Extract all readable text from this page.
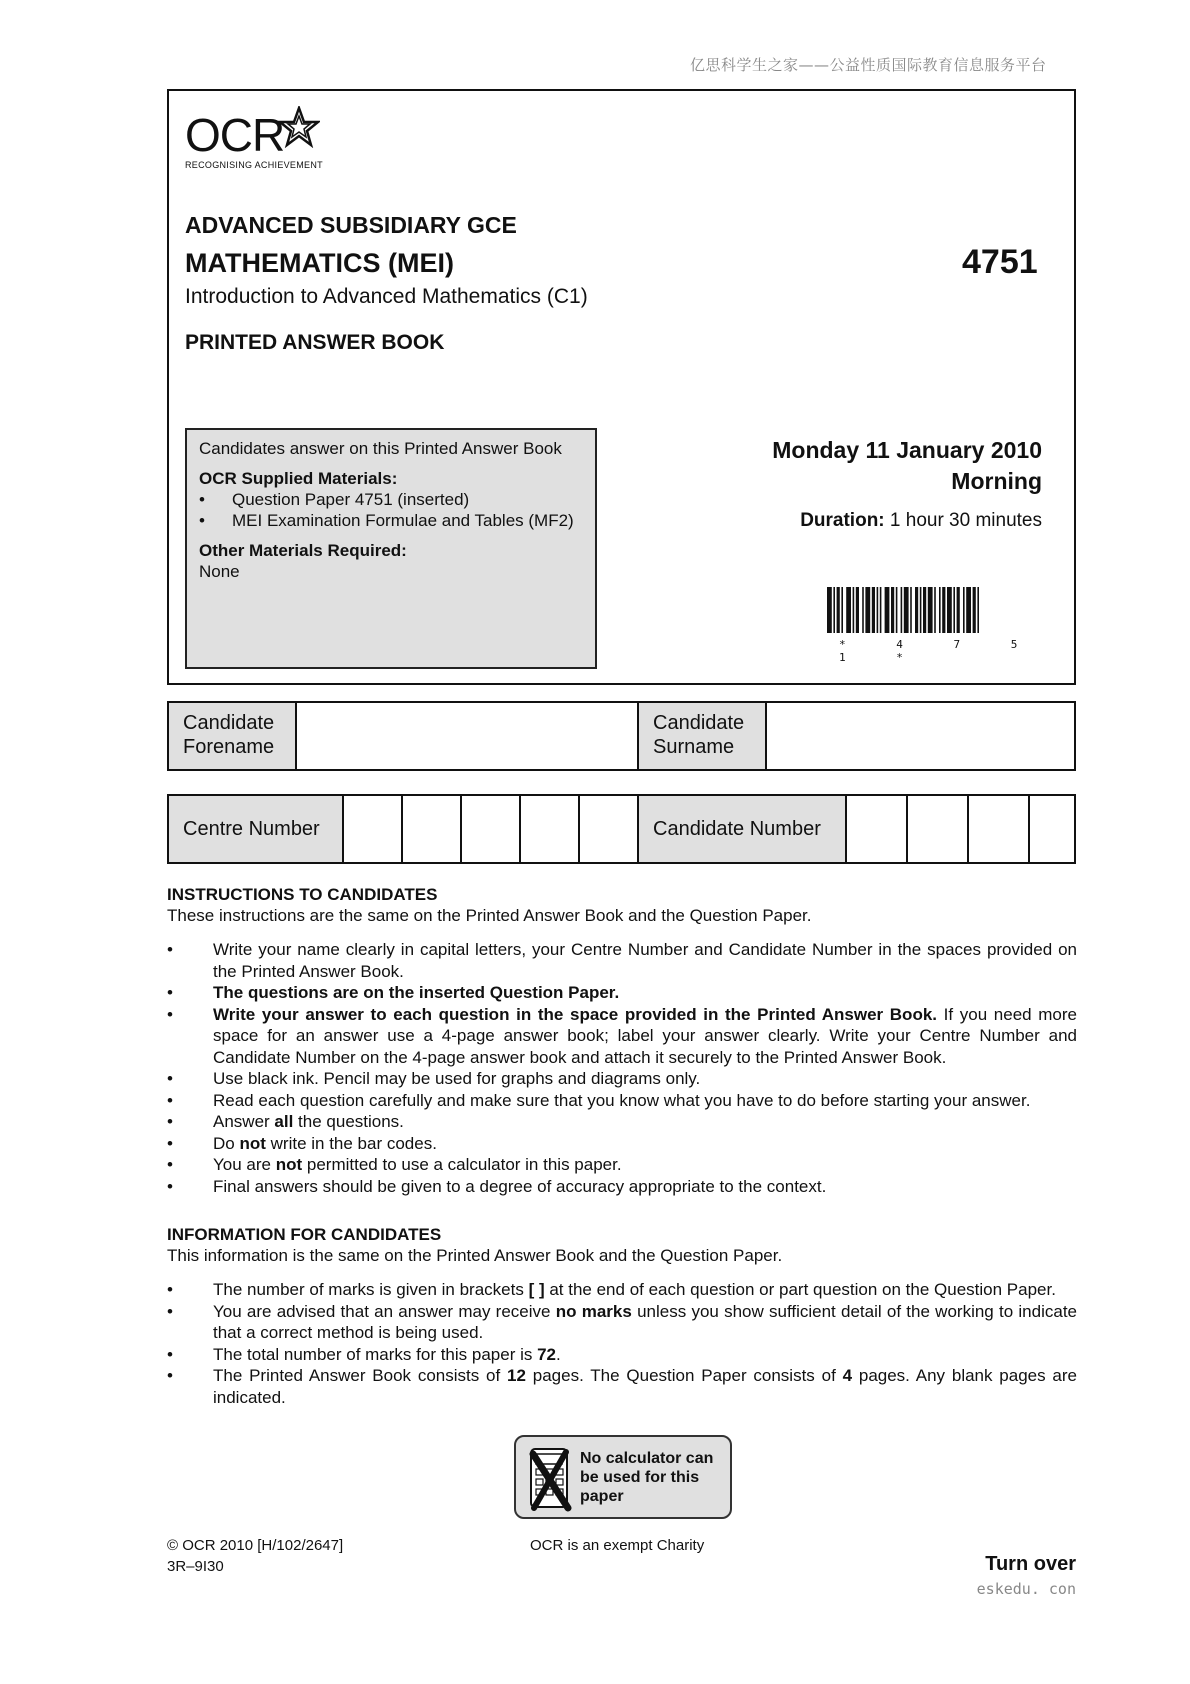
亿思科学生之家——公益性质国际教育信息服务平台
OCR
RECOGNISING ACHIEVEMENT
ADVANCED SUBSIDIARY GCE
MATHEMATICS (MEI)	4751
Introduction to Advanced Mathematics (C1)
PRINTED ANSWER BOOK
Candidates answer on this Printed Answer Book
OCR Supplied Materials:
•	Question Paper 4751 (inserted)
•	MEI Examination Formulae and Tables (MF2)
Other Materials Required:
None
Monday 11 January 2010
Morning
Duration: 1 hour 30 minutes
* 4 7 5 1 *
Candidate
Forename
Candidate
Surname
Centre Number	Candidate Number
INSTRUCTIONS TO CANDIDATES
These instructions are the same on the Printed Answer Book and the Question Paper.
•	Write your name clearly in capital letters, your Centre Number and Candidate Number in the spaces provided on the Printed Answer Book.
•	The questions are on the inserted Question Paper.
•	Write your answer to each question in the space provided in the Printed Answer Book. If you need more space for an answer use a 4-page answer book; label your answer clearly. Write your Centre Number and Candidate Number on the 4-page answer book and attach it securely to the Printed Answer Book.
•	Use black ink. Pencil may be used for graphs and diagrams only.
•	Read each question carefully and make sure that you know what you have to do before starting your answer.
•	Answer all the questions.
•	Do not write in the bar codes.
•	You are not permitted to use a calculator in this paper.
•	Final answers should be given to a degree of accuracy appropriate to the context.
INFORMATION FOR CANDIDATES
This information is the same on the Printed Answer Book and the Question Paper.
•	The number of marks is given in brackets [ ] at the end of each question or part question on the Question Paper.
•	You are advised that an answer may receive no marks unless you show sufficient detail of the working to indicate that a correct method is being used.
•	The total number of marks for this paper is 72.
•	The Printed Answer Book consists of 12 pages. The Question Paper consists of 4 pages. Any blank pages are indicated.
No calculator can
be used for this
paper
© OCR 2010 [H/102/2647]
3R–9I30
OCR is an exempt Charity
Turn over
eskedu. con
